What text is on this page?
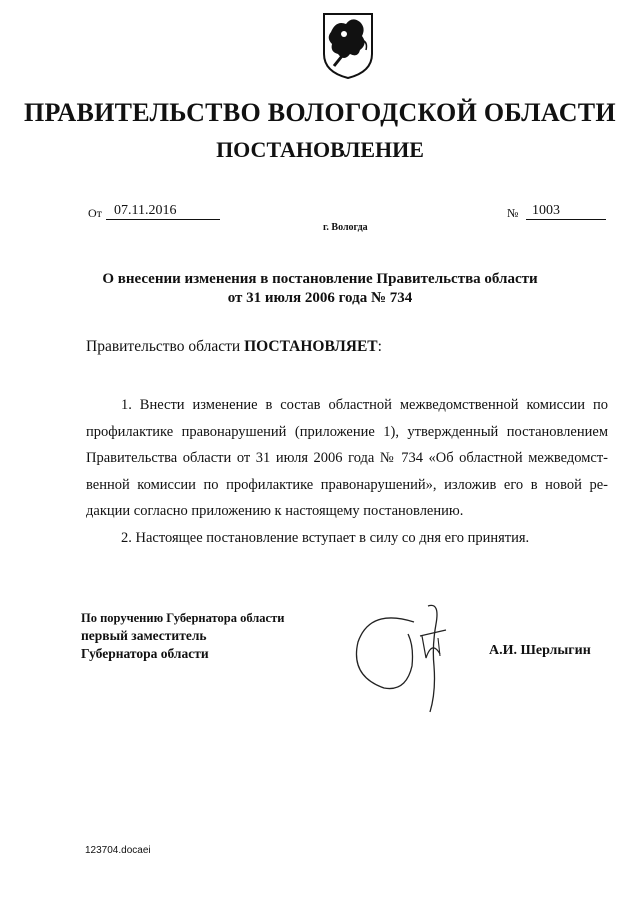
ПРАВИТЕЛЬСТВО ВОЛОГОДСКОЙ ОБЛАСТИ
ПОСТАНОВЛЕНИЕ
От 07.11.2016	№ 1003
г. Вологда
О внесении изменения в постановление Правительства области
от 31 июля 2006 года № 734
Правительство области ПОСТАНОВЛЯЕТ:
1. Внести изменение в состав областной межведомственной комиссии по
профилактике правонарушений (приложение 1), утвержденный постановлением
Правительства области от 31 июля 2006 года № 734 «Об областной межведомст-
венной комиссии по профилактике правонарушений», изложив его в новой ре-
дакции согласно приложению к настоящему постановлению.
2. Настоящее постановление вступает в силу со дня его принятия.
По поручению Губернатора области
первый заместитель
Губернатора области	А.И. Шерлыгин
123704.docaei
